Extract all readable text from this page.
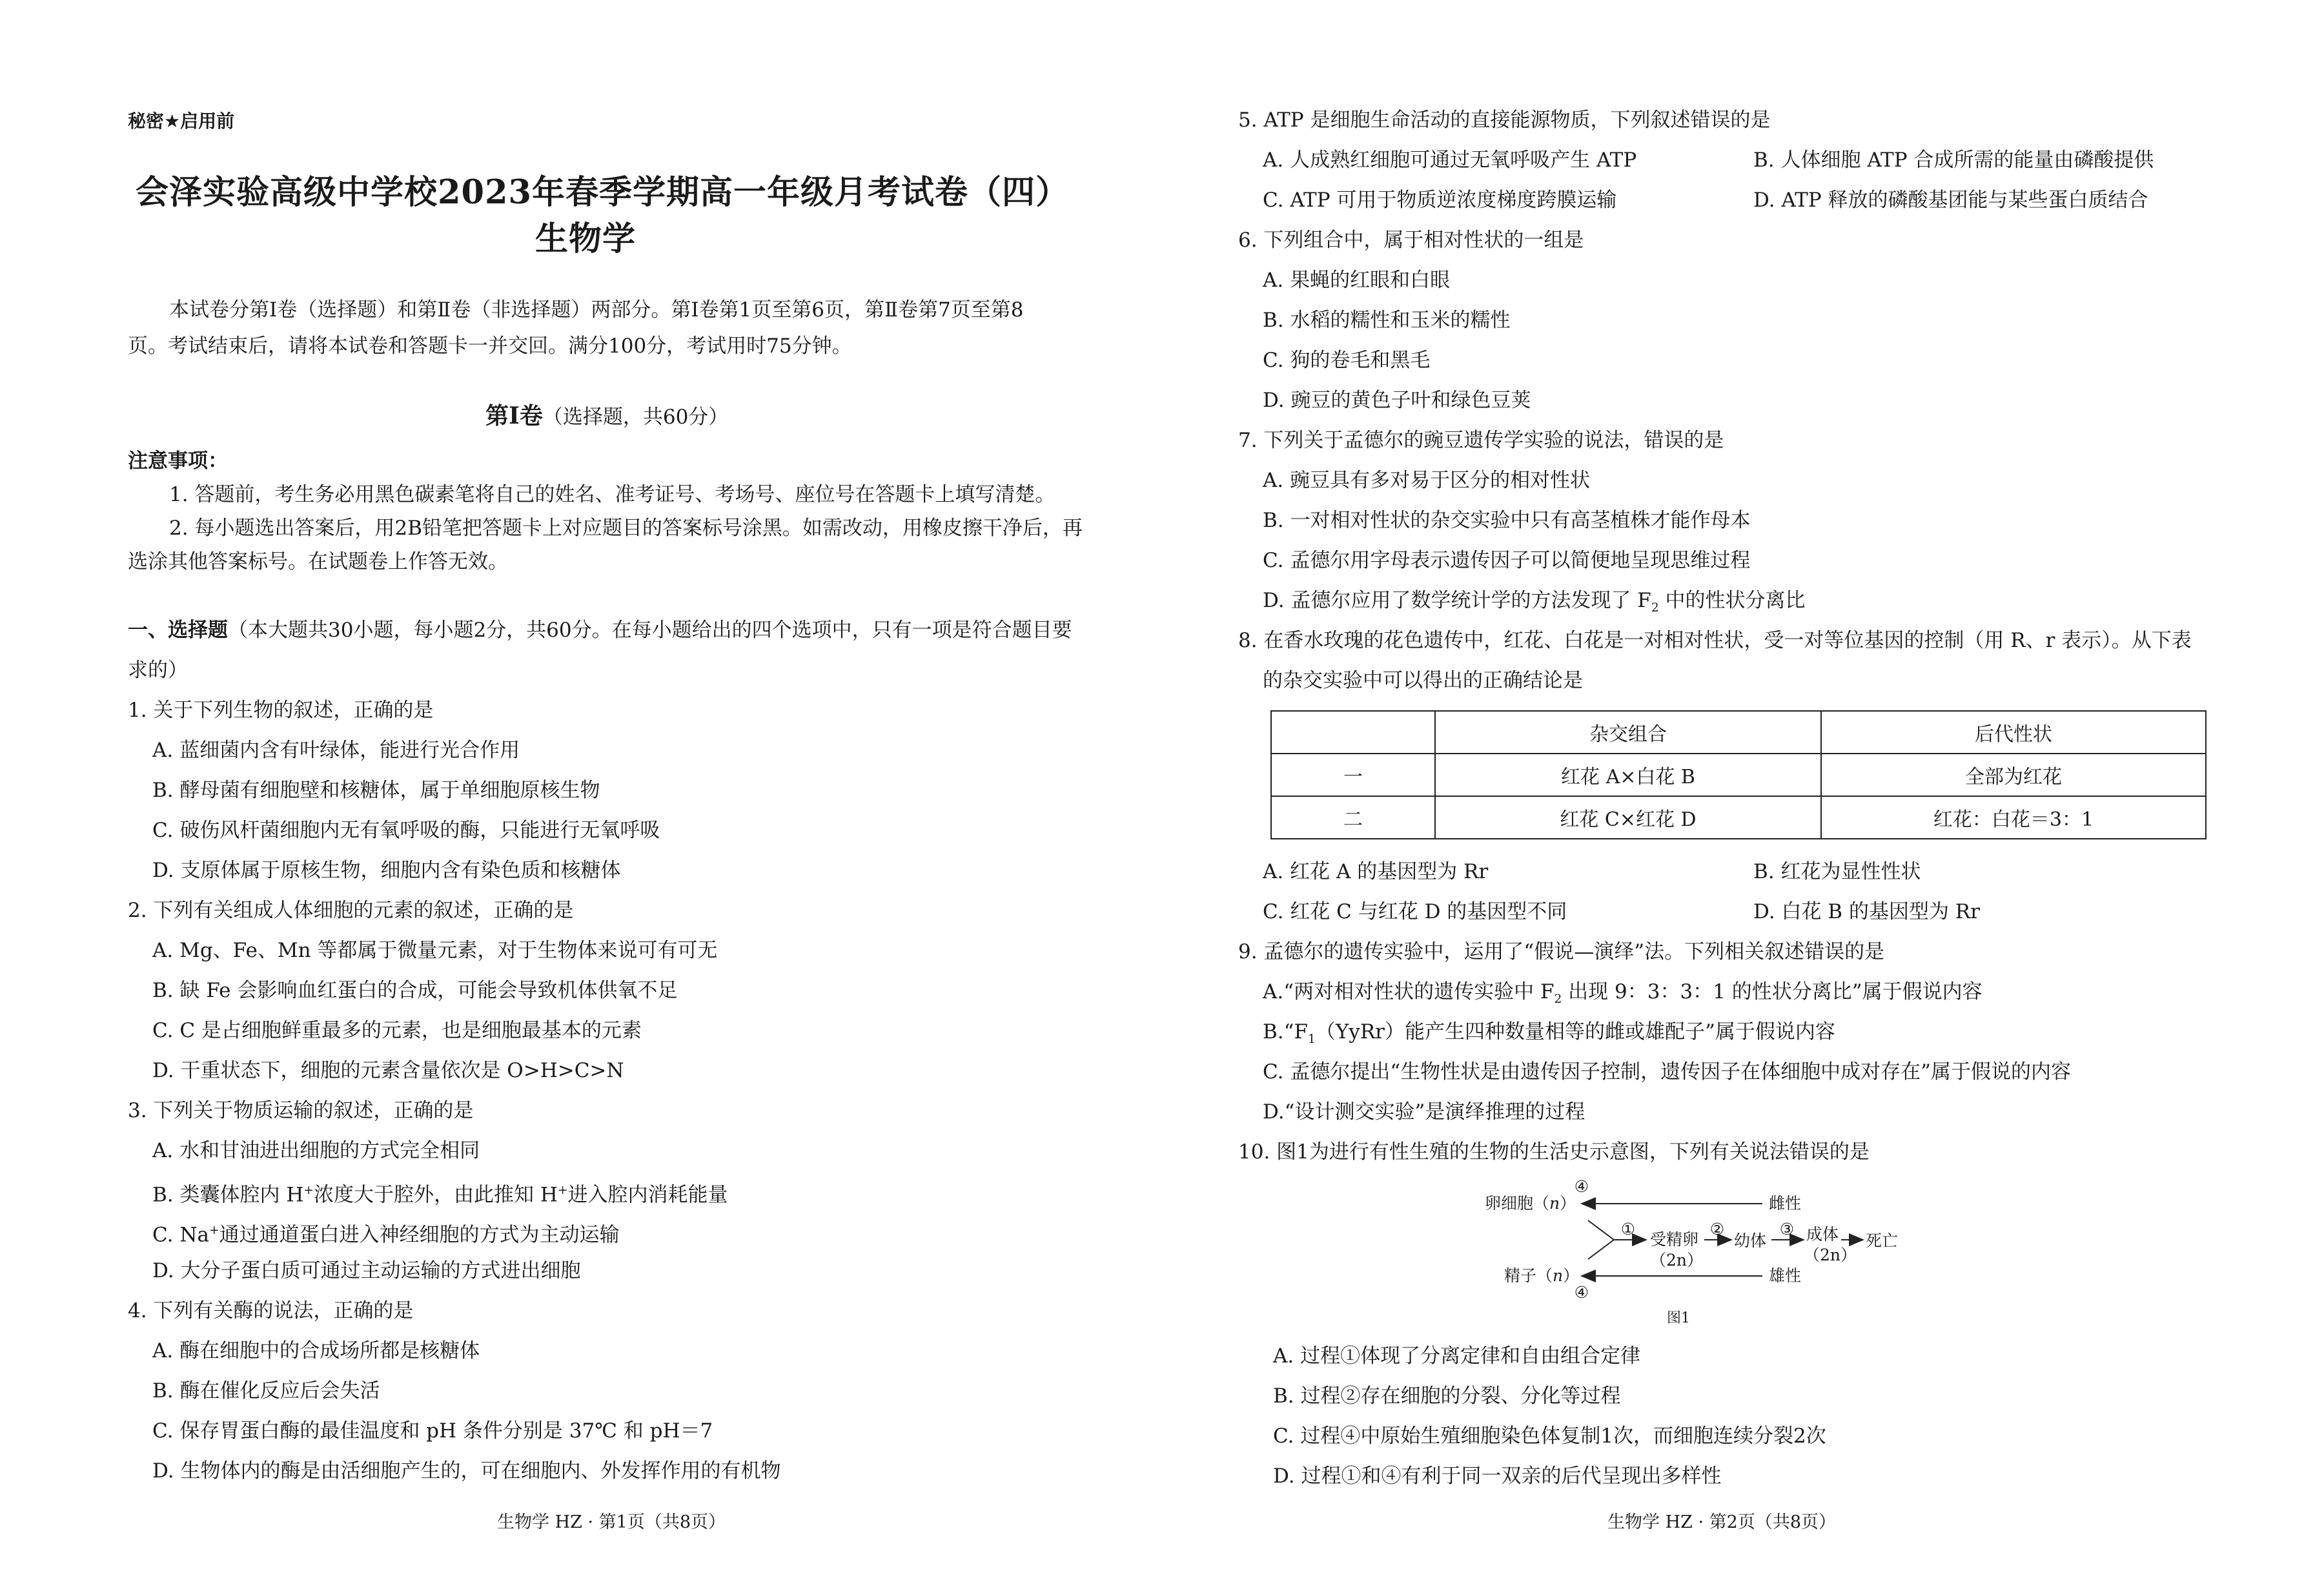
秘密★启用前
会泽实验高级中学校2023年春季学期高一年级月考试卷（四）
生物学
本试卷分第Ⅰ卷（选择题）和第Ⅱ卷（非选择题）两部分。第Ⅰ卷第1页至第6页，第Ⅱ卷第7页至第8
页。考试结束后，请将本试卷和答题卡一并交回。满分100分，考试用时75分钟。
第Ⅰ卷（选择题，共60分）
注意事项：
1. 答题前，考生务必用黑色碳素笔将自己的姓名、准考证号、考场号、座位号在答题卡上填写清楚。
2. 每小题选出答案后，用2B铅笔把答题卡上对应题目的答案标号涂黑。如需改动，用橡皮擦干净后，再
选涂其他答案标号。在试题卷上作答无效。
一、选择题（本大题共30小题，每小题2分，共60分。在每小题给出的四个选项中，只有一项是符合题目要
求的）
1. 关于下列生物的叙述，正确的是
A. 蓝细菌内含有叶绿体，能进行光合作用
B. 酵母菌有细胞壁和核糖体，属于单细胞原核生物
C. 破伤风杆菌细胞内无有氧呼吸的酶，只能进行无氧呼吸
D. 支原体属于原核生物，细胞内含有染色质和核糖体
2. 下列有关组成人体细胞的元素的叙述，正确的是
A. Mg、Fe、Mn 等都属于微量元素，对于生物体来说可有可无
B. 缺 Fe 会影响血红蛋白的合成，可能会导致机体供氧不足
C. C 是占细胞鲜重最多的元素，也是细胞最基本的元素
D. 干重状态下，细胞的元素含量依次是 O>H>C>N
3. 下列关于物质运输的叙述，正确的是
A. 水和甘油进出细胞的方式完全相同
B. 类囊体腔内 H+浓度大于腔外，由此推知 H+进入腔内消耗能量
C. Na+通过通道蛋白进入神经细胞的方式为主动运输
D. 大分子蛋白质可通过主动运输的方式进出细胞
4. 下列有关酶的说法，正确的是
A. 酶在细胞中的合成场所都是核糖体
B. 酶在催化反应后会失活
C. 保存胃蛋白酶的最佳温度和 pH 条件分别是 37℃ 和 pH＝7
D. 生物体内的酶是由活细胞产生的，可在细胞内、外发挥作用的有机物
生物学 HZ · 第1页（共8页）
5. ATP 是细胞生命活动的直接能源物质，下列叙述错误的是
A. 人成熟红细胞可通过无氧呼吸产生 ATP	B. 人体细胞 ATP 合成所需的能量由磷酸提供
C. ATP 可用于物质逆浓度梯度跨膜运输	D. ATP 释放的磷酸基团能与某些蛋白质结合
6. 下列组合中，属于相对性状的一组是
A. 果蝇的红眼和白眼
B. 水稻的糯性和玉米的糯性
C. 狗的卷毛和黑毛
D. 豌豆的黄色子叶和绿色豆荚
7. 下列关于孟德尔的豌豆遗传学实验的说法，错误的是
A. 豌豆具有多对易于区分的相对性状
B. 一对相对性状的杂交实验中只有高茎植株才能作母本
C. 孟德尔用字母表示遗传因子可以简便地呈现思维过程
D. 孟德尔应用了数学统计学的方法发现了 $F_2$ 中的性状分离比
8. 在香水玫瑰的花色遗传中，红花、白花是一对相对性状，受一对等位基因的控制（用 R、r 表示）。从下表
的杂交实验中可以得出的正确结论是
	杂交组合	后代性状
一	红花 A×白花 B	全部为红花
二	红花 C×红花 D	红花：白花＝3：1
A. 红花 A 的基因型为 Rr	B. 红花为显性性状
C. 红花 C 与红花 D 的基因型不同	D. 白花 B 的基因型为 Rr
9. 孟德尔的遗传实验中，运用了“假说—演绎”法。下列相关叙述错误的是
A.“两对相对性状的遗传实验中 $F_2$ 出现 9：3：3：1 的性状分离比”属于假说内容
$B.“F_1(YyRr)$能产生四种数量相等的雌或雄配子”属于假说内容
C. 孟德尔提出“生物性状是由遗传因子控制，遗传因子在体细胞中成对存在”属于假说的内容
D.“设计测交实验”是演绎推理的过程
10. 图1为进行有性生殖的生物的生活史示意图，下列有关说法错误的是
④
卵细胞（n）	雌性
①
受精卵
（2n）
②
幼体
③ 成体
（2n）
死亡
精子（n）	雄性
④
图1
A. 过程①体现了分离定律和自由组合定律
B. 过程②存在细胞的分裂、分化等过程
C. 过程④中原始生殖细胞染色体复制1次，而细胞连续分裂2次
D. 过程①和④有利于同一双亲的后代呈现出多样性
生物学 HZ · 第2页（共8页）
